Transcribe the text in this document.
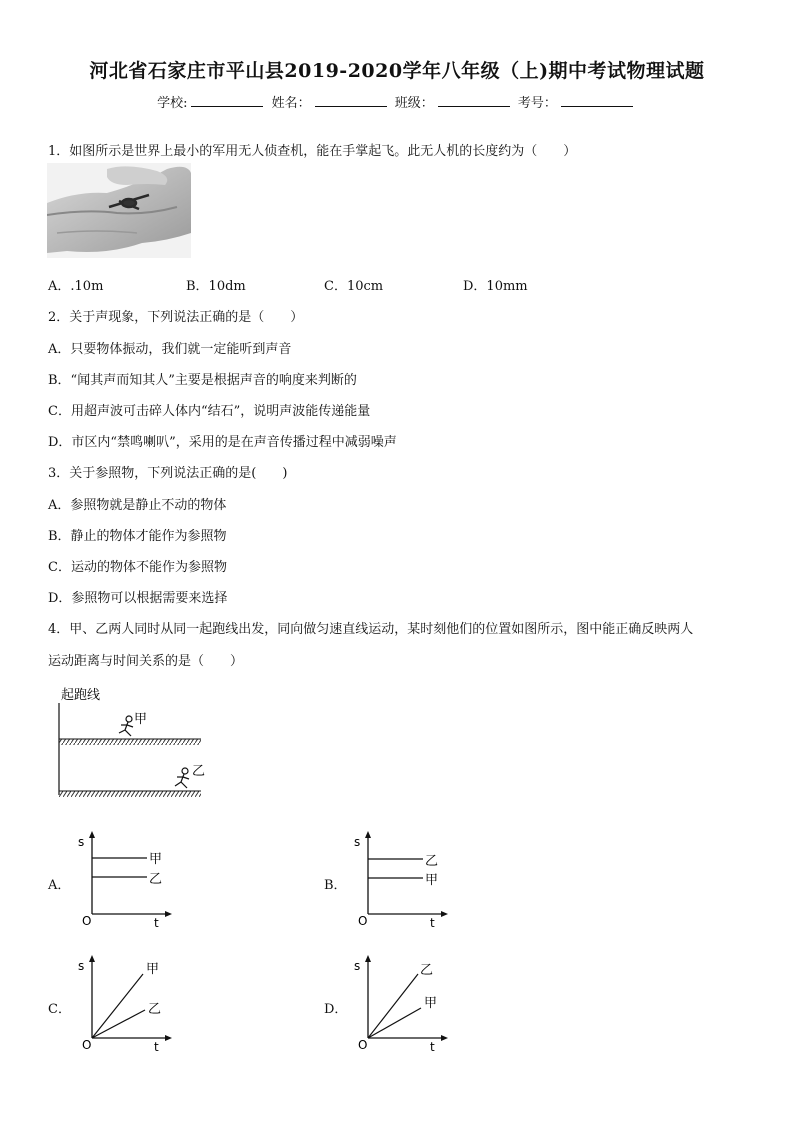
河北省石家庄市平山县2019-2020学年八年级（上)期中考试物理试题
学校:	姓名：	班级：	考号：
1．如图所示是世界上最小的军用无人侦查机，能在手掌起飞。此无人机的长度约为（　　）
A．.10m	B．10dm	C．10cm	D．10mm
2．关于声现象，下列说法正确的是（　　）
A．只要物体振动，我们就一定能听到声音
B．“闻其声而知其人”主要是根据声音的响度来判断的
C．用超声波可击碎人体内“结石”，说明声波能传递能量
D．市区内“禁鸣喇叭”，采用的是在声音传播过程中减弱噪声
3．关于参照物，下列说法正确的是(　　)
A．参照物就是静止不动的物体
B．静止的物体才能作为参照物
C．运动的物体不能作为参照物
D．参照物可以根据需要来选择
4．甲、乙两人同时从同一起跑线出发，同向做匀速直线运动，某时刻他们的位置如图所示，图中能正确反映两人
运动距离与时间关系的是（　　）
起跑线
甲
乙
A．
s
t
O
甲
乙	B．
s
t
O
乙
甲
C．
s
t
O
甲
乙	D．
s
t
O
乙
甲
